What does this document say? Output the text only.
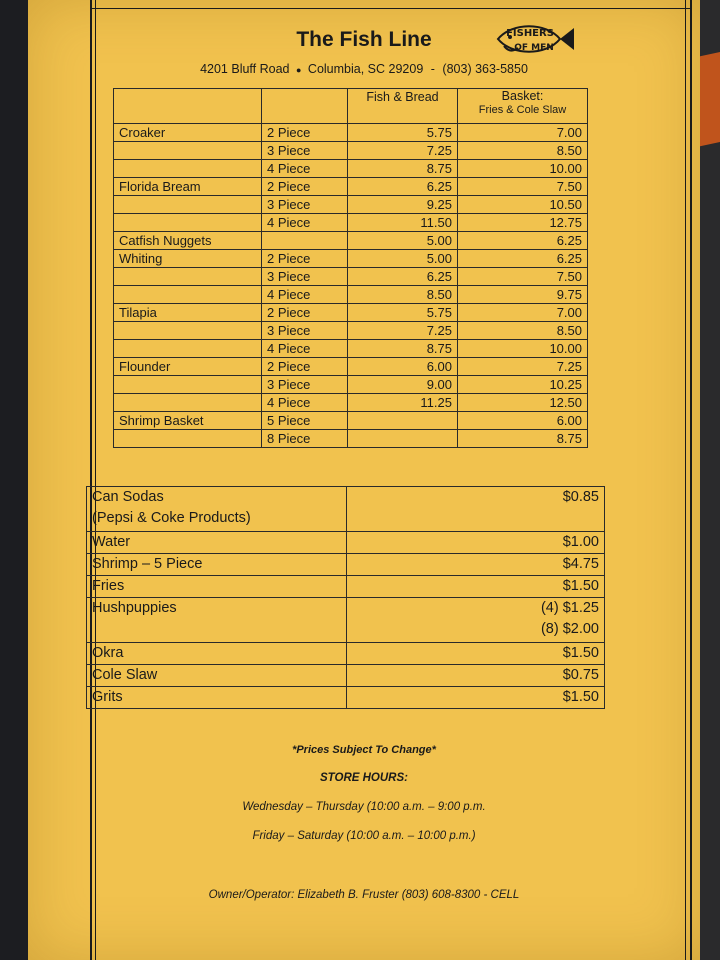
The Fish Line	FISHERS
OF MEN
4201 Bluff Road ● Columbia, SC 29209 - (803) 363-5850
		Fish & Bread	Basket:
Fries & Cole Slaw

Croaker	2 Piece	5.75	7.00
	3 Piece	7.25	8.50
	4 Piece	8.75	10.00
Florida Bream	2 Piece	6.25	7.50
	3 Piece	9.25	10.50
	4 Piece	11.50	12.75
Catfish Nuggets		5.00	6.25
Whiting	2 Piece	5.00	6.25
	3 Piece	6.25	7.50
	4 Piece	8.50	9.75
Tilapia	2 Piece	5.75	7.00
	3 Piece	7.25	8.50
	4 Piece	8.75	10.00
Flounder	2 Piece	6.00	7.25
	3 Piece	9.00	10.25
	4 Piece	11.25	12.50
Shrimp Basket	5 Piece		6.00
	8 Piece		8.75
Can Sodas
(Pepsi & Coke Products)	$0.85

Water	$1.00

Shrimp – 5 Piece	$4.75

Fries	$1.50

Hushpuppies	(4) $1.25
(8) $2.00

Okra	$1.50

Cole Slaw	$0.75

Grits	$1.50
*Prices Subject To Change*
STORE HOURS:
Wednesday – Thursday (10:00 a.m. – 9:00 p.m.
Friday – Saturday (10:00 a.m. – 10:00 p.m.)
Owner/Operator: Elizabeth B. Fruster (803) 608-8300 - CELL
